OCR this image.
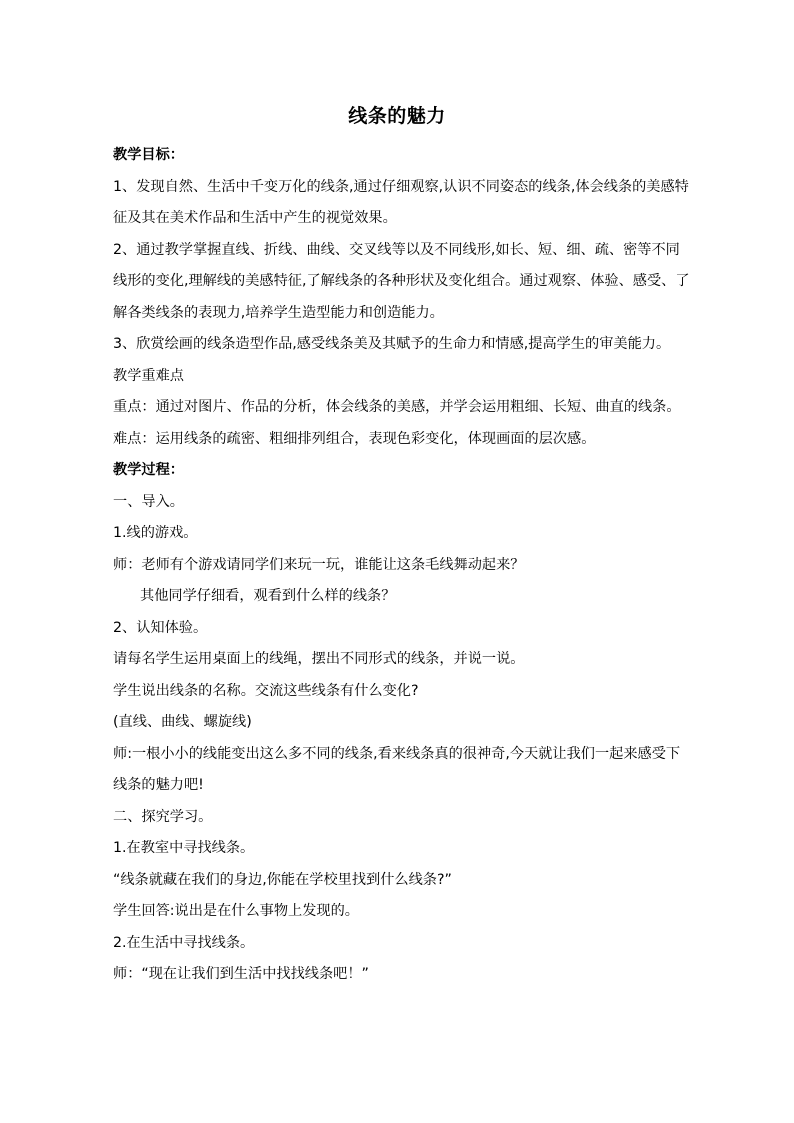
线条的魅力

教学目标：

1、发现自然、生活中千变万化的线条,通过仔细观察,认识不同姿态的线条,体会线条的美感特征及其在美术作品和生活中产生的视觉效果。

2、通过教学掌握直线、折线、曲线、交叉线等以及不同线形,如长、短、细、疏、密等不同线形的变化,理解线的美感特征,了解线条的各种形状及变化组合。通过观察、体验、感受、了解各类线条的表现力,培养学生造型能力和创造能力。

3、欣赏绘画的线条造型作品,感受线条美及其赋予的生命力和情感,提高学生的审美能力。

教学重难点

重点：通过对图片、作品的分析，体会线条的美感，并学会运用粗细、长短、曲直的线条。

难点：运用线条的疏密、粗细排列组合，表现色彩变化，体现画面的层次感。

教学过程：

一、导入。

1.线的游戏。

师：老师有个游戏请同学们来玩一玩，谁能让这条毛线舞动起来？

其他同学仔细看，观看到什么样的线条？

2、认知体验。

请每名学生运用桌面上的线绳，摆出不同形式的线条，并说一说。

学生说出线条的名称。交流这些线条有什么变化?

(直线、曲线、螺旋线)

师:一根小小的线能变出这么多不同的线条,看来线条真的很神奇,今天就让我们一起来感受下线条的魅力吧!

二、探究学习。

1.在教室中寻找线条。

“线条就藏在我们的身边,你能在学校里找到什么线条?”

学生回答:说出是在什么事物上发现的。

2.在生活中寻找线条。

师：“现在让我们到生活中找找线条吧！”
